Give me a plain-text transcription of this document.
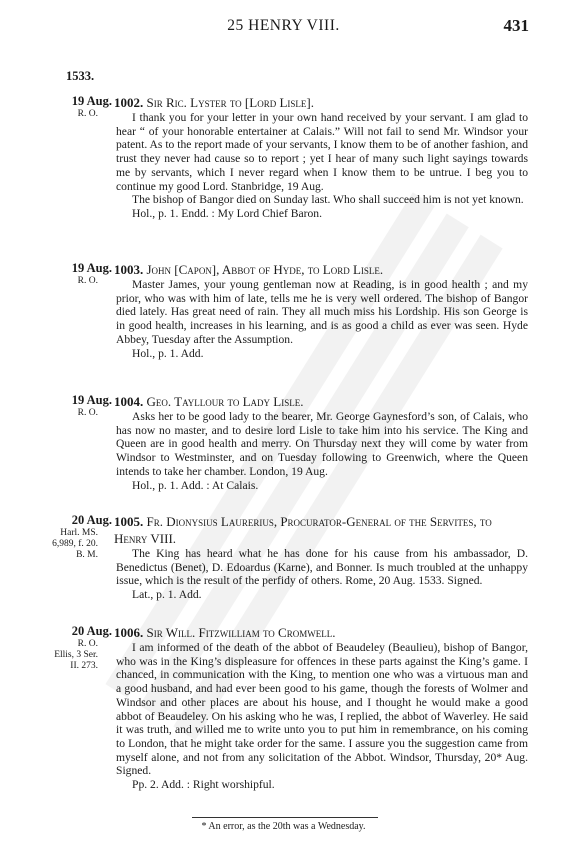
25 HENRY VIII.	431
1533.
19 Aug.
R. O.
1002. Sir Ric. Lyster to [Lord Lisle].

I thank you for your letter in your own hand received by your servant. I am glad to hear “ of your honorable entertainer at Calais.” Will not fail to send Mr. Windsor your patent. As to the report made of your servants, I know them to be of another fashion, and trust they never had cause so to report ; yet I hear of many such light sayings towards me by servants, which I never regard when I know them to be untrue. I beg you to continue my good Lord. Stanbridge, 19 Aug.

The bishop of Bangor died on Sunday last. Who shall succeed him is not yet known.

Hol., p. 1. Endd. : My Lord Chief Baron.
19 Aug.
R. O.
1003. John [Capon], Abbot of Hyde, to Lord Lisle.

Master James, your young gentleman now at Reading, is in good health ; and my prior, who was with him of late, tells me he is very well ordered. The bishop of Bangor died lately. Has great need of rain. They all much miss his Lordship. His son George is in good health, increases in his learning, and is as good a child as ever was seen. Hyde Abbey, Tuesday after the Assumption.

Hol., p. 1. Add.
19 Aug.
R. O.
1004. Geo. Tayllour to Lady Lisle.

Asks her to be good lady to the bearer, Mr. George Gaynesford’s son, of Calais, who has now no master, and to desire lord Lisle to take him into his service. The King and Queen are in good health and merry. On Thursday next they will come by water from Windsor to Westminster, and on Tuesday following to Greenwich, where the Queen intends to take her chamber. London, 19 Aug.

Hol., p. 1. Add. : At Calais.
20 Aug.
Harl. MS.
6,989, f. 20.
B. M.
1005. Fr. Dionysius Laurerius, Procurator-General of the Servites, to Henry VIII.

The King has heard what he has done for his cause from his ambassador, D. Benedictus (Benet), D. Edoardus (Karne), and Bonner. Is much troubled at the unhappy issue, which is the result of the perfidy of others. Rome, 20 Aug. 1533. Signed.

Lat., p. 1. Add.
20 Aug.
R. O.
Ellis, 3 Ser.
II. 273.
1006. Sir Will. Fitzwilliam to Cromwell.

I am informed of the death of the abbot of Beaudeley (Beaulieu), bishop of Bangor, who was in the King’s displeasure for offences in these parts against the King’s game. I chanced, in communication with the King, to mention one who was a virtuous man and a good husband, and had ever been good to his game, though the forests of Wolmer and Windsor and other places are about his house, and I thought he would make a good abbot of Beaudeley. On his asking who he was, I replied, the abbot of Waverley. He said it was truth, and willed me to write unto you to put him in remembrance, on his coming to London, that he might take order for the same. I assure you the suggestion came from myself alone, and not from any solicitation of the Abbot. Windsor, Thursday, 20* Aug. Signed.

Pp. 2. Add. : Right worshipful.
* An error, as the 20th was a Wednesday.
